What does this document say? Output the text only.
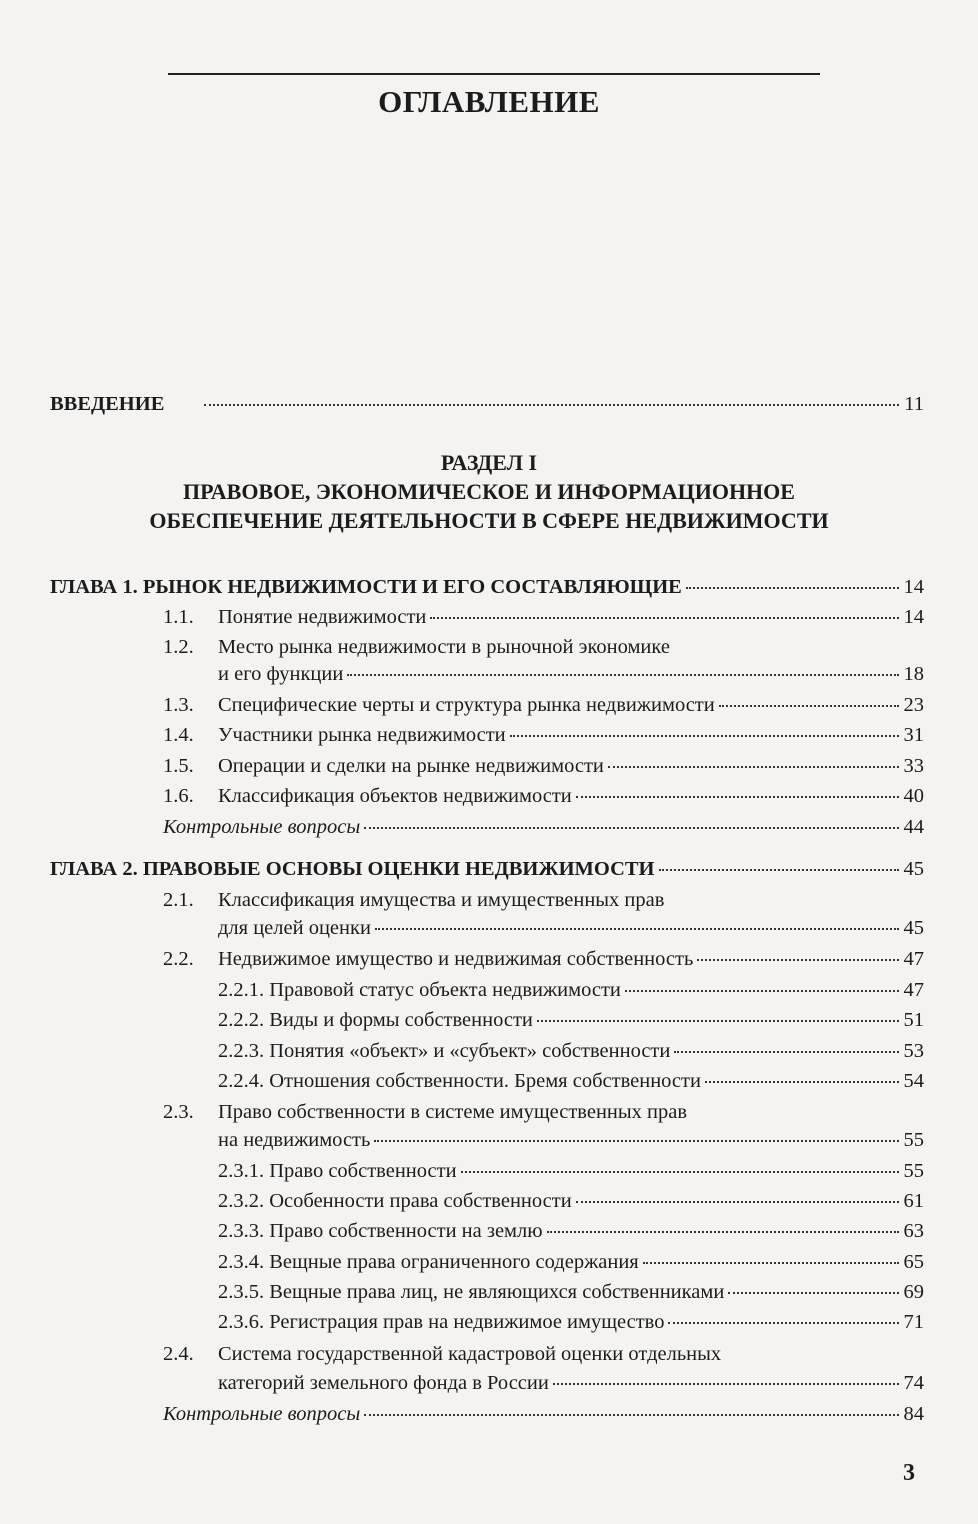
ОГЛАВЛЕНИЕ
ВВЕДЕНИЕ	11
РАЗДЕЛ I
ПРАВОВОЕ, ЭКОНОМИЧЕСКОЕ И ИНФОРМАЦИОННОЕ
ОБЕСПЕЧЕНИЕ ДЕЯТЕЛЬНОСТИ В СФЕРЕ НЕДВИЖИМОСТИ
ГЛАВА 1. РЫНОК НЕДВИЖИМОСТИ И ЕГО СОСТАВЛЯЮЩИЕ	14
1.1.	Понятие недвижимости	14
1.2. Место рынка недвижимости в рыночной экономике
и его функции	18
1.3.	Специфические черты и структура рынка недвижимости	23
1.4.	Участники рынка недвижимости	31
1.5.	Операции и сделки на рынке недвижимости	33
1.6.	Классификация объектов недвижимости	40
Контрольные вопросы	44
ГЛАВА 2. ПРАВОВЫЕ ОСНОВЫ ОЦЕНКИ НЕДВИЖИМОСТИ	45
2.1. Классификация имущества и имущественных прав
для целей оценки	45
2.2.	Недвижимое имущество и недвижимая собственность	47
2.2.1. Правовой статус объекта недвижимости	47
2.2.2. Виды и формы собственности	51
2.2.3. Понятия «объект» и «субъект» собственности	53
2.2.4. Отношения собственности. Бремя собственности	54
2.3. Право собственности в системе имущественных прав
на недвижимость	55
2.3.1. Право собственности	55
2.3.2. Особенности права собственности	61
2.3.3. Право собственности на землю	63
2.3.4. Вещные права ограниченного содержания	65
2.3.5. Вещные права лиц, не являющихся собственниками	69
2.3.6. Регистрация прав на недвижимое имущество	71
2.4. Система государственной кадастровой оценки отдельных
категорий земельного фонда в России	74
Контрольные вопросы	84
3
